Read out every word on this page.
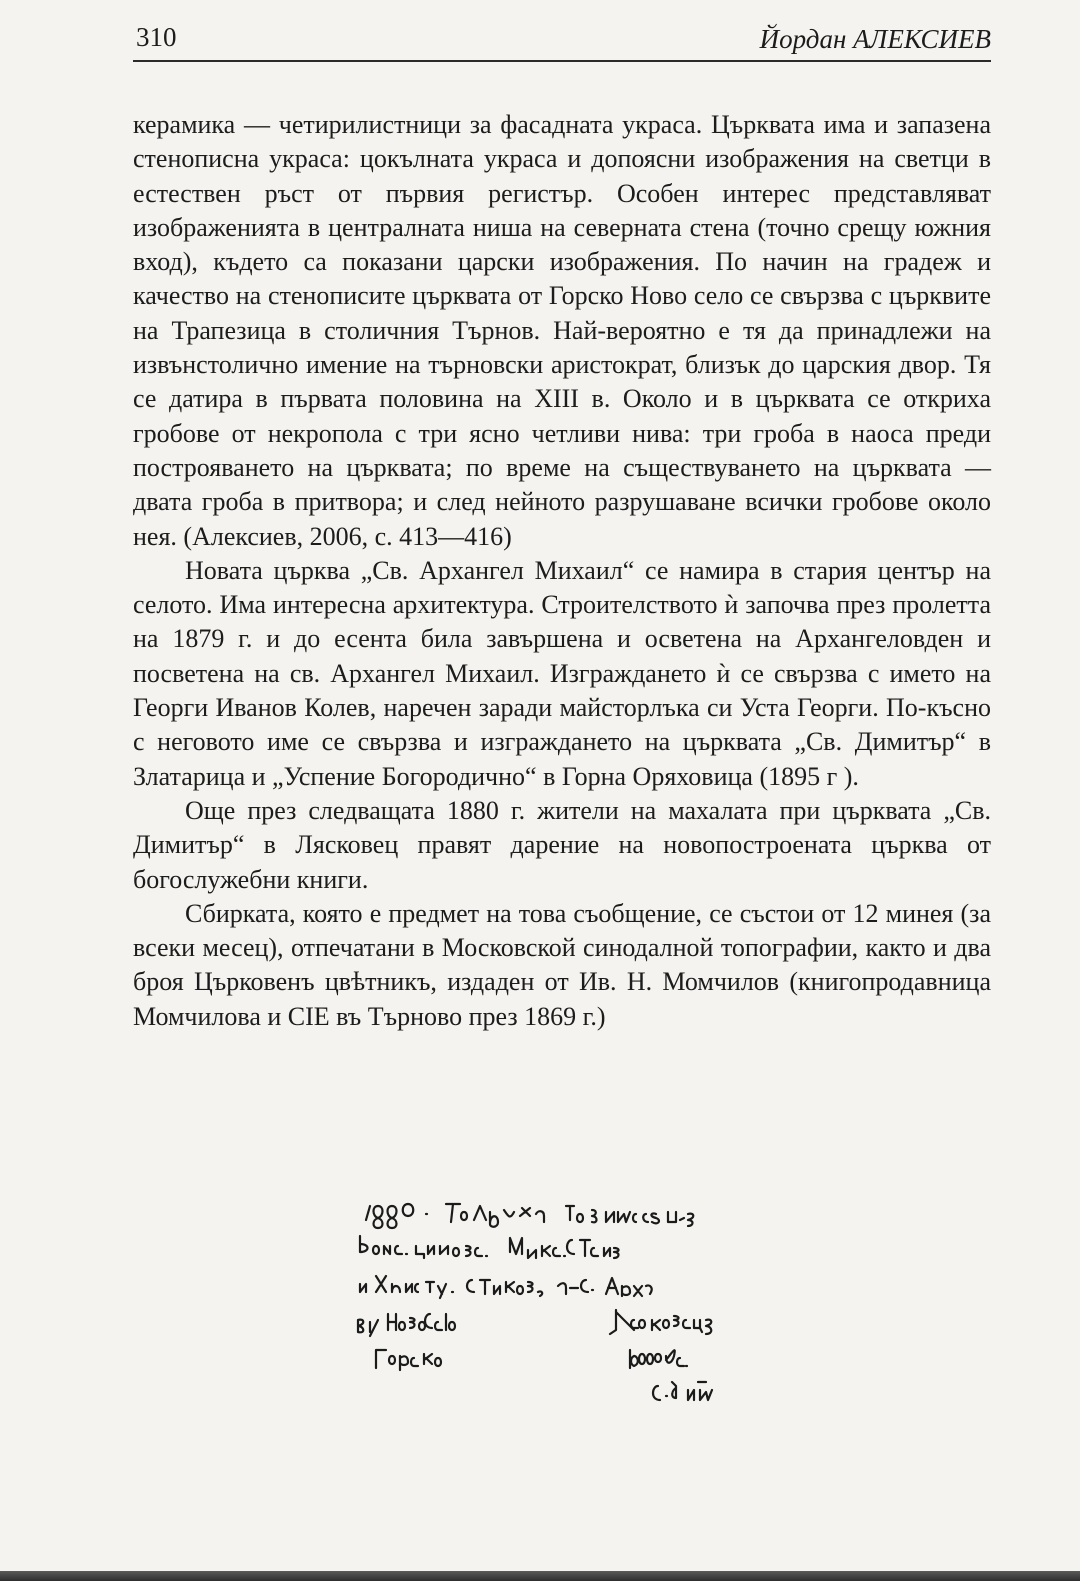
310	Йордан АЛЕКСИЕВ

керамика — четирилистници за фасадната украса. Църквата има и запазена стенописна украса: цокълната украса и допоясни изображения на светци в естествен ръст от първия регистър. Особен интерес представляват изображенията в централната ниша на северната стена (точно срещу южния вход), където са показани царски изображения. По начин на градеж и качество на стенописите църквата от Горско Ново село се свързва с църквите на Трапезица в столичния Търнов. Най-вероятно е тя да принадлежи на извънстолично имение на търновски аристократ, близък до царския двор. Тя се датира в първата половина на XIII в. Около и в църквата се откриха гробове от некропола с три ясно четливи нива: три гроба в наоса преди построяването на църквата; по време на съществуването на църквата — двата гроба в притвора; и след нейното разрушаване всички гробове около нея. (Алексиев, 2006, с. 413—416)

Новата църква „Св. Архангел Михаил“ се намира в стария център на селото. Има интересна архитектура. Строителството ѝ започва през пролетта на 1879 г. и до есента била завършена и осветена на Архангеловден и посветена на св. Архангел Михаил. Изграждането ѝ се свързва с името на Георги Иванов Колев, наречен заради майсторлъка си Уста Георги. По-късно с неговото име се свързва и изграждането на църквата „Св. Димитър“ в Златарица и „Успение Богородично“ в Горна Оряховица (1895 г ).

Още през следващата 1880 г. жители на махалата при църквата „Св. Димитър“ в Лясковец правят дарение на новопостроената църква от богослужебни книги.

Сбирката, която е предмет на това съобщение, се състои от 12 минея (за всеки месец), отпечатани в Московской синодалной топографии, както и два броя Църковенъ цвѣтникъ, издаден от Ив. Н. Момчилов (книгопродавница Момчилова и СIE въ Търново през 1869 г.)
